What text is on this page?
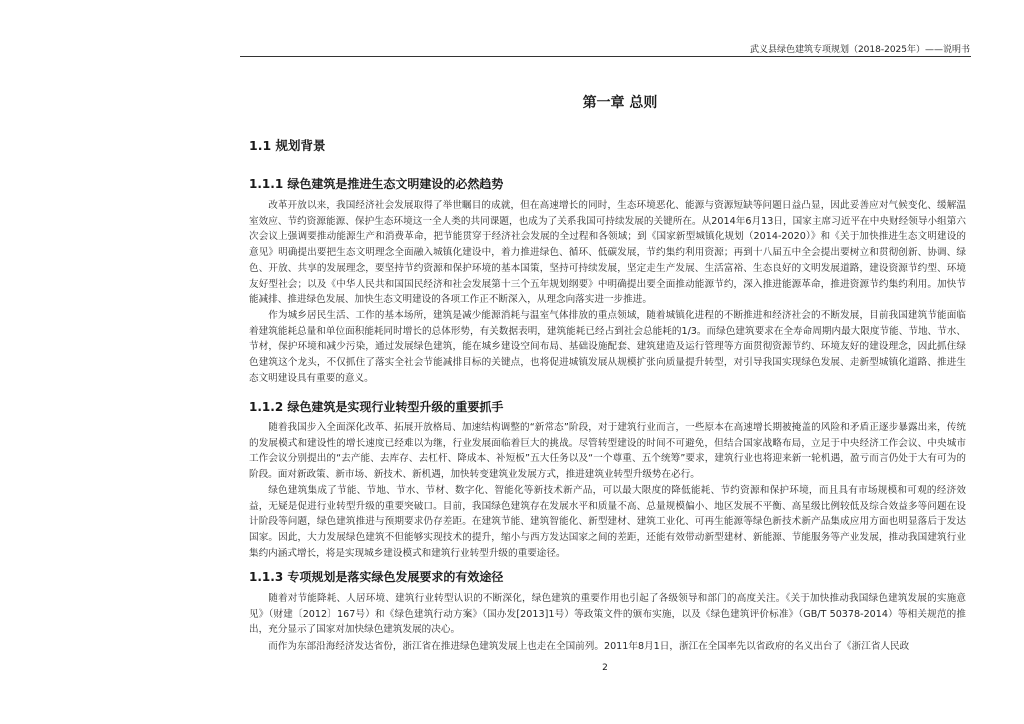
武义县绿色建筑专项规划（2018-2025年）——说明书
第一章 总则
1.1 规划背景
1.1.1 绿色建筑是推进生态文明建设的必然趋势

改革开放以来，我国经济社会发展取得了举世瞩目的成就，但在高速增长的同时，生态环境恶化、能源与资源短缺等问题日益凸显，因此妥善应对气候变化、缓解温室效应、节约资源能源、保护生态环境这一全人类的共同课题，也成为了关系我国可持续发展的关键所在。从2014年6月13日，国家主席习近平在中央财经领导小组第六次会议上强调要推动能源生产和消费革命，把节能贯穿于经济社会发展的全过程和各领域；到《国家新型城镇化规划（2014-2020）》和《关于加快推进生态文明建设的意见》明确提出要把生态文明理念全面融入城镇化建设中，着力推进绿色、循环、低碳发展，节约集约利用资源；再到十八届五中全会提出要树立和贯彻创新、协调、绿色、开放、共享的发展理念，要坚持节约资源和保护环境的基本国策，坚持可持续发展，坚定走生产发展、生活富裕、生态良好的文明发展道路，建设资源节约型、环境友好型社会；以及《中华人民共和国国民经济和社会发展第十三个五年规划纲要》中明确提出要全面推动能源节约，深入推进能源革命，推进资源节约集约利用。加快节能减排、推进绿色发展、加快生态文明建设的各项工作正不断深入，从理念向落实进一步推进。

作为城乡居民生活、工作的基本场所，建筑是减少能源消耗与温室气体排放的重点领域，随着城镇化进程的不断推进和经济社会的不断发展，目前我国建筑节能面临着建筑能耗总量和单位面积能耗同时增长的总体形势，有关数据表明，建筑能耗已经占到社会总能耗的1/3。而绿色建筑要求在全寿命周期内最大限度节能、节地、节水、节材，保护环境和减少污染，通过发展绿色建筑，能在城乡建设空间布局、基础设施配套、建筑建造及运行管理等方面贯彻资源节约、环境友好的建设理念，因此抓住绿色建筑这个龙头，不仅抓住了落实全社会节能减排目标的关键点，也将促进城镇发展从规模扩张向质量提升转型，对引导我国实现绿色发展、走新型城镇化道路、推进生态文明建设具有重要的意义。

1.1.2 绿色建筑是实现行业转型升级的重要抓手

随着我国步入全面深化改革、拓展开放格局、加速结构调整的“新常态”阶段，对于建筑行业而言，一些原本在高速增长期被掩盖的风险和矛盾正逐步暴露出来，传统的发展模式和建设性的增长速度已经难以为继，行业发展面临着巨大的挑战。尽管转型建设的时间不可避免，但结合国家战略布局，立足于中央经济工作会议、中央城市工作会议分别提出的“去产能、去库存、去杠杆、降成本、补短板”五大任务以及“一个尊重、五个统筹”要求，建筑行业也将迎来新一轮机遇，盈亏而言仍处于大有可为的阶段。面对新政策、新市场、新技术、新机遇，加快转变建筑业发展方式，推进建筑业转型升级势在必行。

绿色建筑集成了节能、节地、节水、节材、数字化、智能化等新技术新产品，可以最大限度的降低能耗、节约资源和保护环境，而且具有市场规模和可观的经济效益，无疑是促进行业转型升级的重要突破口。目前，我国绿色建筑存在发展水平和质量不高、总量规模偏小、地区发展不平衡、高星级比例较低及综合效益多等问题在设计阶段等问题，绿色建筑推进与预期要求仍存差距。在建筑节能、建筑智能化、新型建材、建筑工业化、可再生能源等绿色新技术新产品集成应用方面也明显落后于发达国家。因此，大力发展绿色建筑不但能够实现技术的提升，缩小与西方发达国家之间的差距，还能有效带动新型建材、新能源、节能服务等产业发展，推动我国建筑行业集约内涵式增长，将是实现城乡建设模式和建筑行业转型升级的重要途径。

1.1.3 专项规划是落实绿色发展要求的有效途径

随着对节能降耗、人居环境、建筑行业转型认识的不断深化，绿色建筑的重要作用也引起了各级领导和部门的高度关注。《关于加快推动我国绿色建筑发展的实施意见》（财建〔2012〕167号）和《绿色建筑行动方案》（国办发[2013]1号）等政策文件的颁布实施，以及《绿色建筑评价标准》（GB/T 50378-2014）等相关规范的推出，充分显示了国家对加快绿色建筑发展的决心。

而作为东部沿海经济发达省份，浙江省在推进绿色建筑发展上也走在全国前列。2011年8月1日，浙江在全国率先以省政府的名义出台了《浙江省人民政

2
